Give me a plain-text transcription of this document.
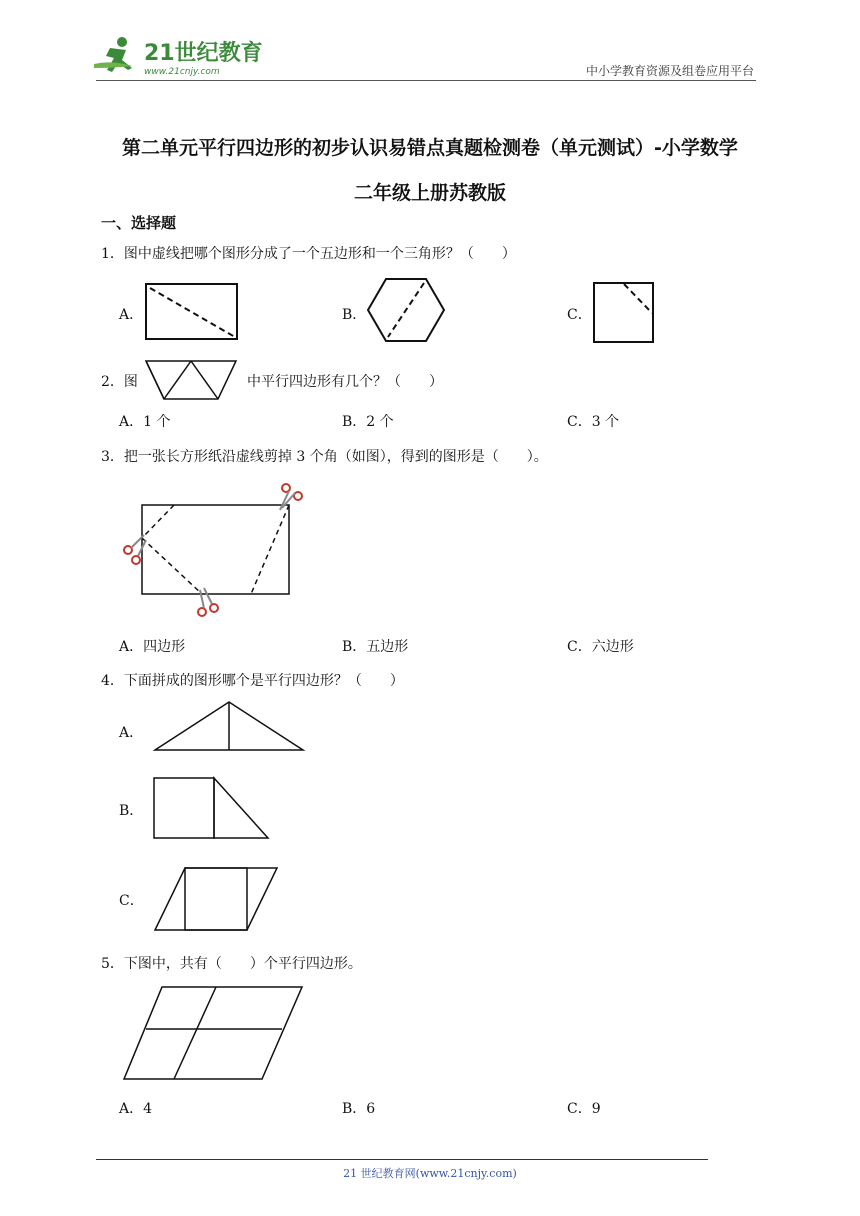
21世纪教育
www.21cnjy.com	中小学教育资源及组卷应用平台
第二单元平行四边形的初步认识易错点真题检测卷（单元测试）-小学数学
二年级上册苏教版
一、选择题
1．图中虚线把哪个图形分成了一个五边形和一个三角形？（　　）
A．	B．	C．
2．图	中平行四边形有几个？（　　）
A．1 个	B．2 个	C．3 个
3．把一张长方形纸沿虚线剪掉 3 个角（如图），得到的图形是（　　）。
A．四边形	B．五边形	C．六边形
4．下面拼成的图形哪个是平行四边形？（　　）
A．
B．
C．
5．下图中，共有（　　）个平行四边形。
A．4	B．6	C．9
21 世纪教育网(www.21cnjy.com)
